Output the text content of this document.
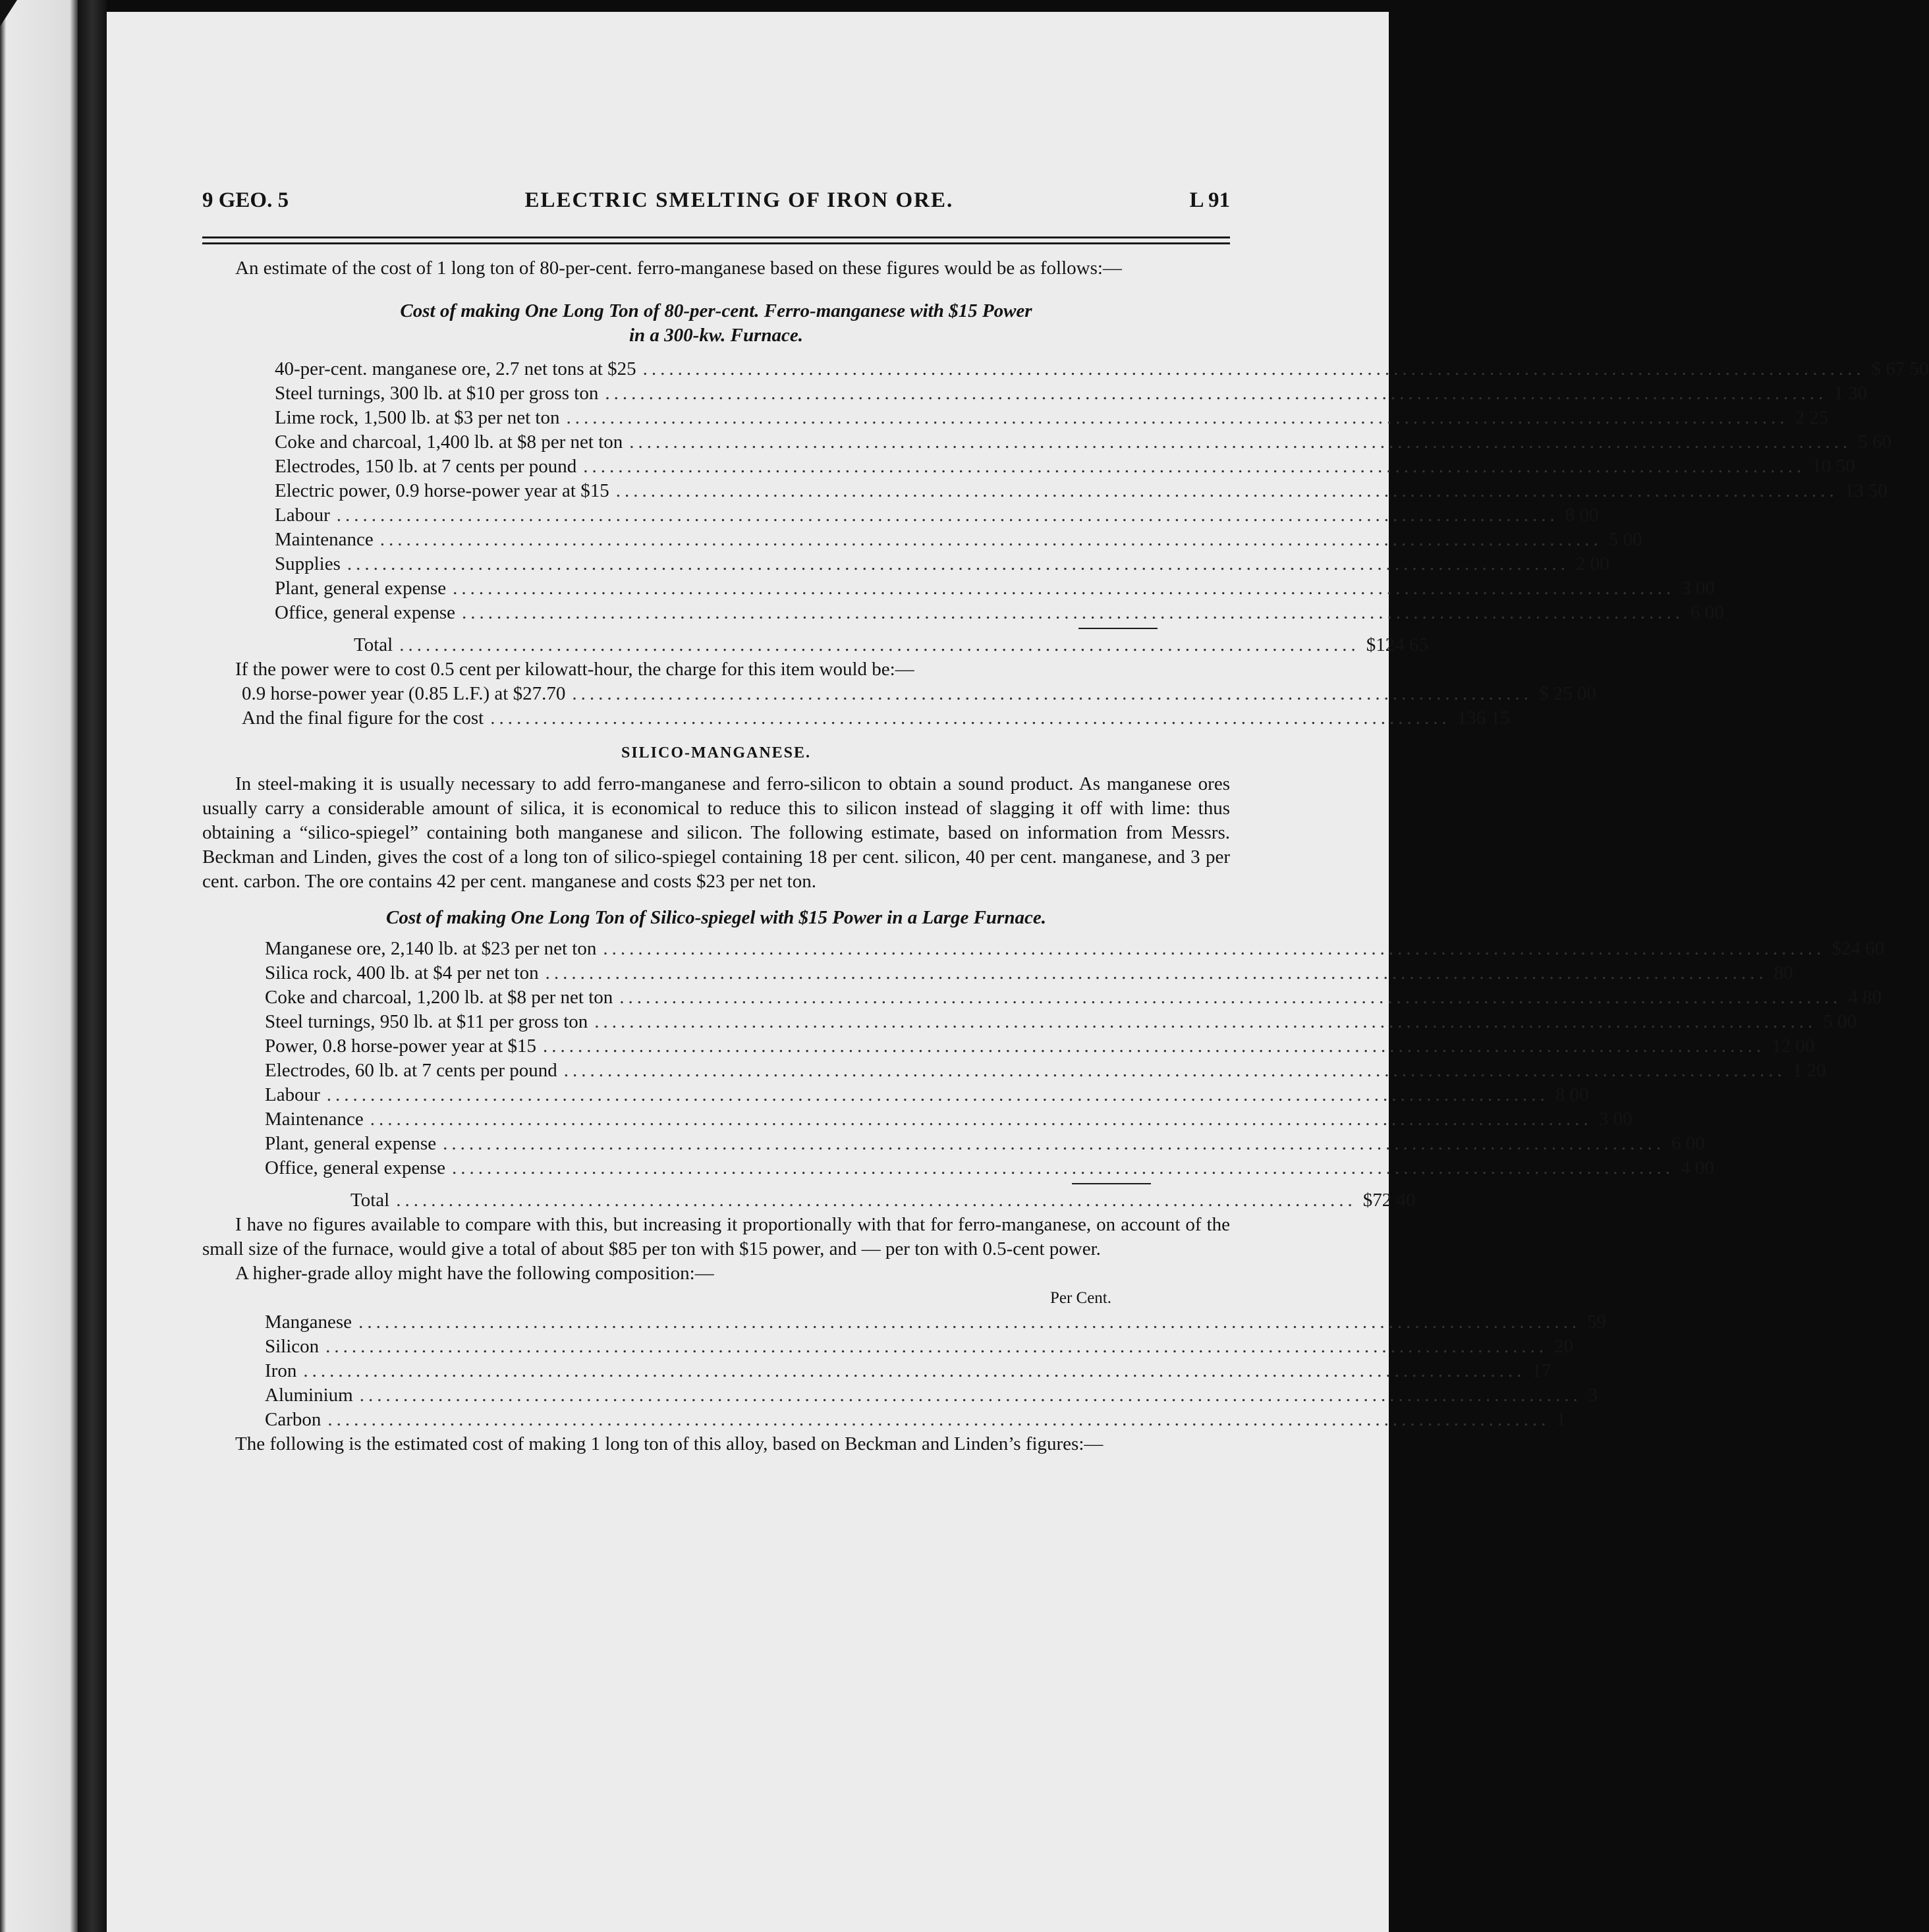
9 GEO. 5	ELECTRIC SMELTING OF IRON ORE.	L 91

An estimate of the cost of 1 long ton of 80-per-cent. ferro-manganese based on these figures would be as follows:—

Cost of making One Long Ton of 80-per-cent. Ferro-manganese with $15 Power
in a 300-kw. Furnace.
40-per-cent. manganese ore, 2.7 net tons at $25 ............................................................................................................................................ $ 67 50
Steel turnings, 300 lb. at $10 per gross ton ............................................................................................................................................ 1 30
Lime rock, 1,500 lb. at $3 per net ton ............................................................................................................................................ 2 25
Coke and charcoal, 1,400 lb. at $8 per net ton ............................................................................................................................................ 5 60
Electrodes, 150 lb. at 7 cents per pound ............................................................................................................................................ 10 50
Electric power, 0.9 horse-power year at $15 ............................................................................................................................................ 13 50
Labour ............................................................................................................................................ 8 00
Maintenance ............................................................................................................................................ 5 00
Supplies ............................................................................................................................................ 2 00
Plant, general expense ............................................................................................................................................ 3 00
Office, general expense ............................................................................................................................................ 6 00
Total .............................................................................................................. $124 65

If the power were to cost 0.5 cent per kilowatt-hour, the charge for this item would be:—

0.9 horse-power year (0.85 L.F.) at $27.70 .............................................................................................................. $ 25 00
And the final figure for the cost .............................................................................................................. 136 15
SILICO-MANGANESE.

In steel-making it is usually necessary to add ferro-manganese and ferro-silicon to obtain a sound product. As manganese ores usually carry a considerable amount of silica, it is economical to reduce this to silicon instead of slagging it off with lime: thus obtaining a “silico-spiegel” containing both manganese and silicon. The following estimate, based on information from Messrs. Beckman and Linden, gives the cost of a long ton of silico-spiegel containing 18 per cent. silicon, 40 per cent. manganese, and 3 per cent. carbon. The ore contains 42 per cent. manganese and costs $23 per net ton.

Cost of making One Long Ton of Silico-spiegel with $15 Power in a Large Furnace.
Manganese ore, 2,140 lb. at $23 per net ton ............................................................................................................................................ $24 60
Silica rock, 400 lb. at $4 per net ton ............................................................................................................................................ 80
Coke and charcoal, 1,200 lb. at $8 per net ton ............................................................................................................................................ 4 80
Steel turnings, 950 lb. at $11 per gross ton ............................................................................................................................................ 5 00
Power, 0.8 horse-power year at $15 ............................................................................................................................................ 12 00
Electrodes, 60 lb. at 7 cents per pound ............................................................................................................................................ 1 20
Labour ............................................................................................................................................ 8 00
Maintenance ............................................................................................................................................ 3 00
Plant, general expense ............................................................................................................................................ 6 00
Office, general expense ............................................................................................................................................ 4 00
Total .............................................................................................................. $72 40

I have no figures available to compare with this, but increasing it proportionally with that for ferro-manganese, on account of the small size of the furnace, would give a total of about $85 per ton with $15 power, and — per ton with 0.5-cent power.

A higher-grade alloy might have the following composition:—

Per Cent.
Manganese ............................................................................................................................................ 59
Silicon ............................................................................................................................................ 20
Iron ............................................................................................................................................ 17
Aluminium ............................................................................................................................................ 3
Carbon ............................................................................................................................................ 1

The following is the estimated cost of making 1 long ton of this alloy, based on Beckman and Linden’s figures:—
